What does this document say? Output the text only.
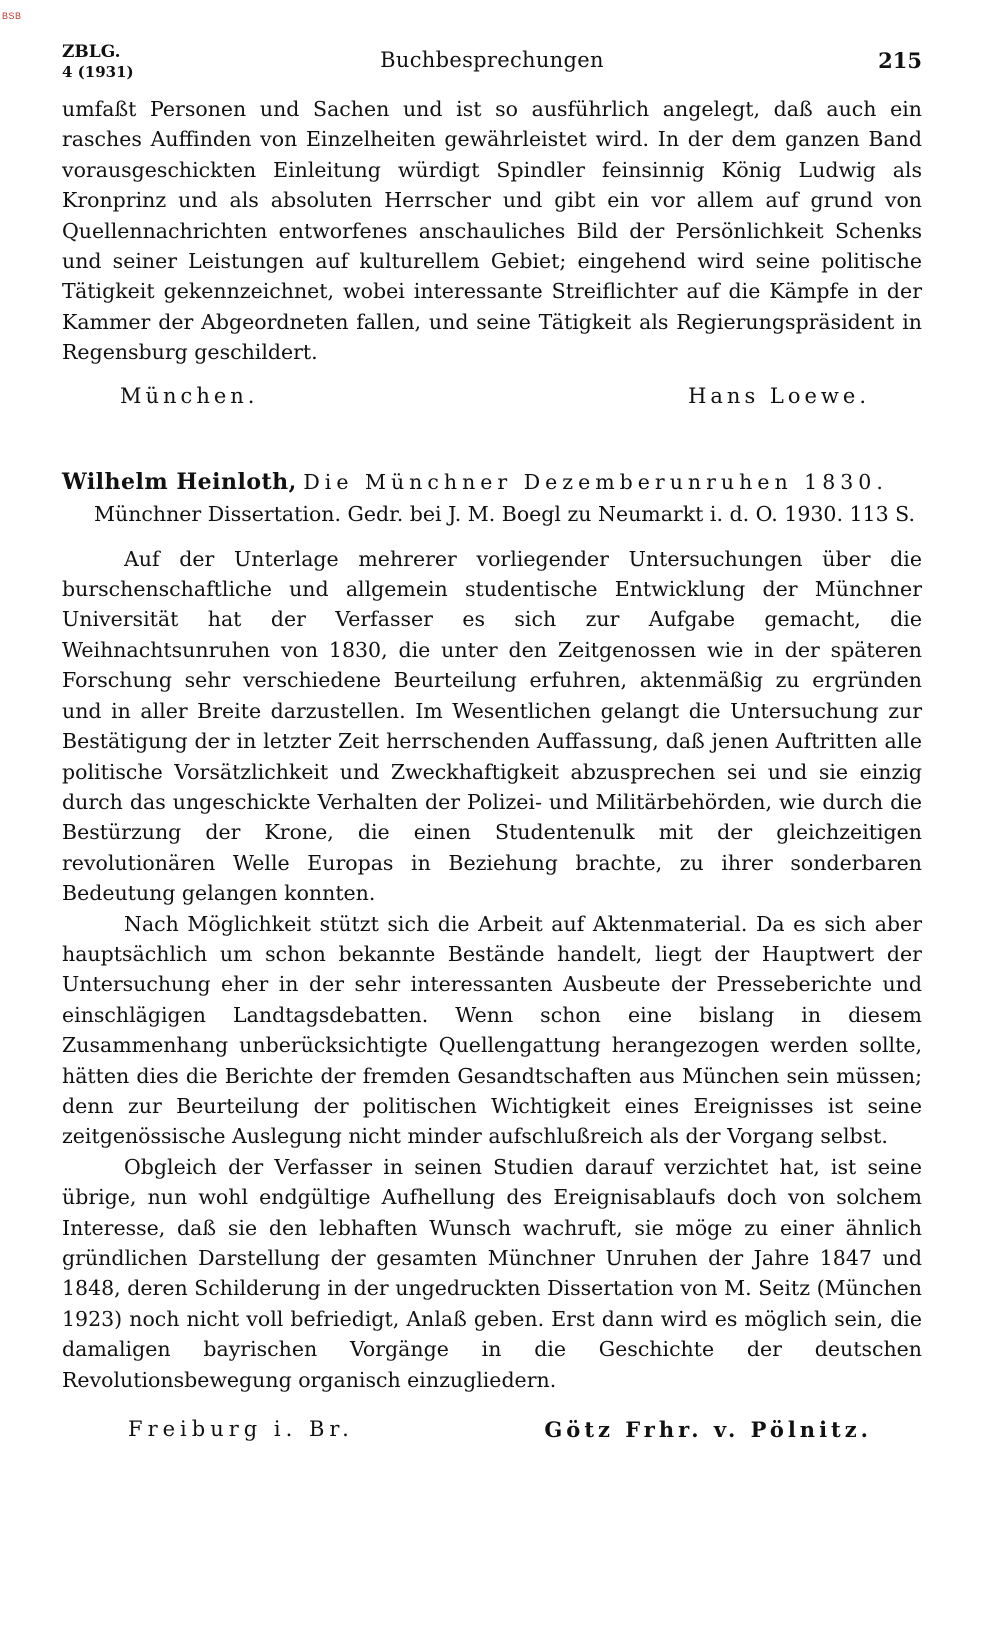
BSB
ZBLG.
4 (1931)	Buchbesprechungen	215

umfaßt Personen und Sachen und ist so ausführlich angelegt, daß auch ein rasches Auffinden von Einzelheiten gewährleistet wird. In der dem ganzen Band vorausgeschickten Einleitung würdigt Spindler feinsinnig König Ludwig als Kronprinz und als absoluten Herrscher und gibt ein vor allem auf grund von Quellennachrichten entworfenes anschauliches Bild der Persönlichkeit Schenks und seiner Leistungen auf kulturellem Gebiet; eingehend wird seine politische Tätigkeit gekennzeichnet, wobei interessante Streiflichter auf die Kämpfe in der Kammer der Abgeordneten fallen, und seine Tätigkeit als Regierungspräsident in Regensburg geschildert.

München.	Hans Loewe.

Wilhelm Heinloth, Die Münchner Dezemberunruhen 1830. Münchner Dissertation. Gedr. bei J. M. Boegl zu Neumarkt i. d. O. 1930. 113 S.

Auf der Unterlage mehrerer vorliegender Untersuchungen über die burschenschaftliche und allgemein studentische Entwicklung der Münchner Universität hat der Verfasser es sich zur Aufgabe gemacht, die Weihnachtsunruhen von 1830, die unter den Zeitgenossen wie in der späteren Forschung sehr verschiedene Beurteilung erfuhren, aktenmäßig zu ergründen und in aller Breite darzustellen. Im Wesentlichen gelangt die Untersuchung zur Bestätigung der in letzter Zeit herrschenden Auffassung, daß jenen Auftritten alle politische Vorsätzlichkeit und Zweckhaftigkeit abzusprechen sei und sie einzig durch das ungeschickte Verhalten der Polizei- und Militärbehörden, wie durch die Bestürzung der Krone, die einen Studentenulk mit der gleichzeitigen revolutionären Welle Europas in Beziehung brachte, zu ihrer sonderbaren Bedeutung gelangen konnten.

Nach Möglichkeit stützt sich die Arbeit auf Aktenmaterial. Da es sich aber hauptsächlich um schon bekannte Bestände handelt, liegt der Hauptwert der Untersuchung eher in der sehr interessanten Ausbeute der Presseberichte und einschlägigen Landtagsdebatten. Wenn schon eine bislang in diesem Zusammenhang unberücksichtigte Quellengattung herangezogen werden sollte, hätten dies die Berichte der fremden Gesandtschaften aus München sein müssen; denn zur Beurteilung der politischen Wichtigkeit eines Ereignisses ist seine zeitgenössische Auslegung nicht minder aufschlußreich als der Vorgang selbst.

Obgleich der Verfasser in seinen Studien darauf verzichtet hat, ist seine übrige, nun wohl endgültige Aufhellung des Ereignisablaufs doch von solchem Interesse, daß sie den lebhaften Wunsch wachruft, sie möge zu einer ähnlich gründlichen Darstellung der gesamten Münchner Unruhen der Jahre 1847 und 1848, deren Schilderung in der ungedruckten Dissertation von M. Seitz (München 1923) noch nicht voll befriedigt, Anlaß geben. Erst dann wird es möglich sein, die damaligen bayrischen Vorgänge in die Geschichte der deutschen Revolutionsbewegung organisch einzugliedern.

Freiburg i. Br.	Götz Frhr. v. Pölnitz.
